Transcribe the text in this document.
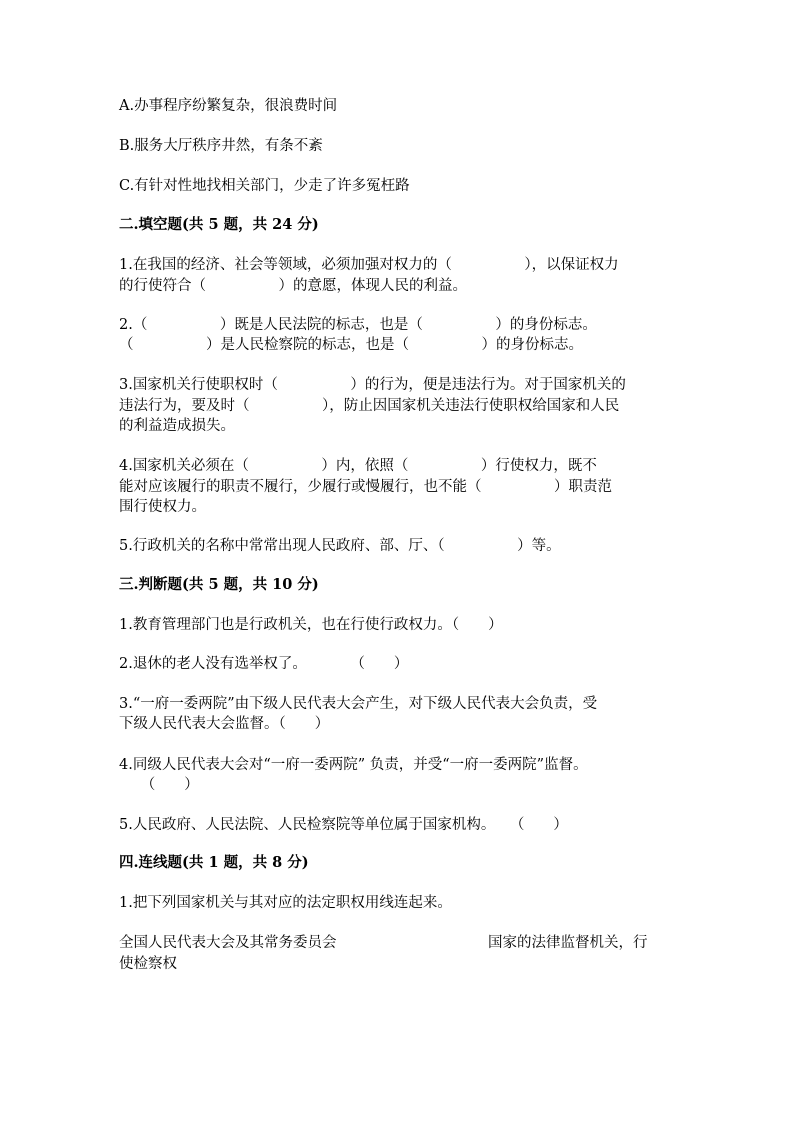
A.办事程序纷繁复杂，很浪费时间
B.服务大厅秩序井然，有条不紊
C.有针对性地找相关部门，少走了许多冤枉路
二.填空题(共 5 题，共 24 分)
1.在我国的经济、社会等领域，必须加强对权力的（　　　　　），以保证权力
的行使符合（　　　　　）的意愿，体现人民的利益。
2.（　　　　　）既是人民法院的标志，也是（　　　　　）的身份标志。
（　　　　　）是人民检察院的标志，也是（　　　　　）的身份标志。
3.国家机关行使职权时（　　　　　）的行为，便是违法行为。对于国家机关的
违法行为，要及时（　　　　　），防止因国家机关违法行使职权给国家和人民
的利益造成损失。
4.国家机关必须在（　　　　　）内，依照（　　　　　）行使权力，既不
能对应该履行的职责不履行，少履行或慢履行，也不能（　　　　　）职责范
围行使权力。
5.行政机关的名称中常常出现人民政府、部、厅、（　　　　　）等。
三.判断题(共 5 题，共 10 分)
1.教育管理部门也是行政机关，也在行使行政权力。（　　）
2.退休的老人没有选举权了。　　　　（　　）
3.“一府一委两院”由下级人民代表大会产生，对下级人民代表大会负责，受
下级人民代表大会监督。（　　）
4.同级人民代表大会对“一府一委两院” 负责，并受“一府一委两院”监督。
　　（　　）
5.人民政府、人民法院、人民检察院等单位属于国家机构。　　（　　）
四.连线题(共 1 题，共 8 分)
1.把下列国家机关与其对应的法定职权用线连起来。
全国人民代表大会及其常务委员会	国家的法律监督机关，行
使检察权
